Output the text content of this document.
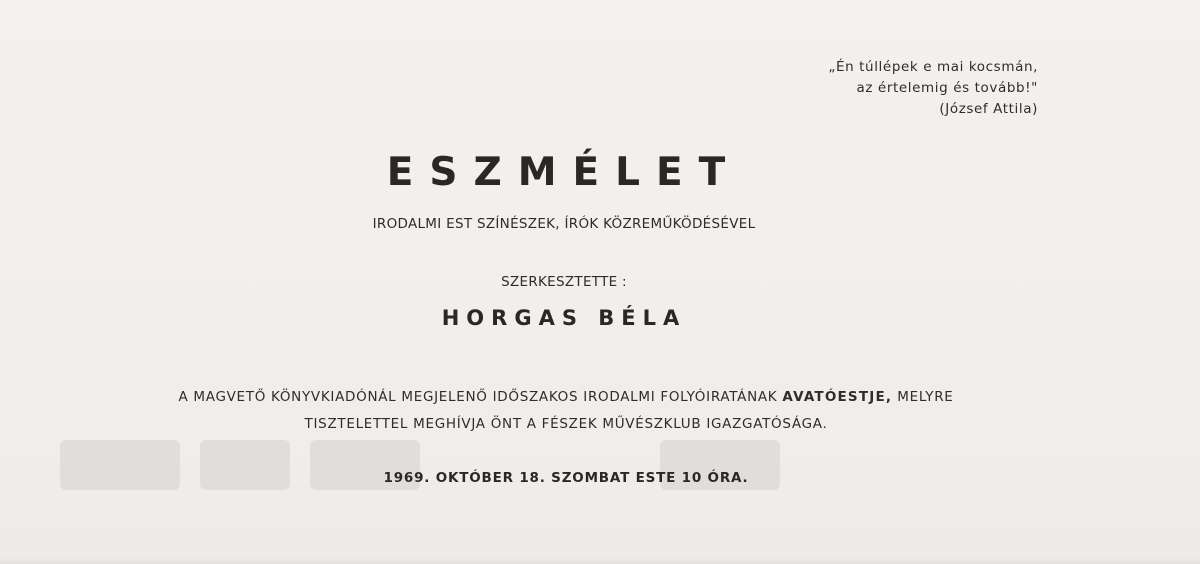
„Én túllépek e mai kocsmán,
az értelemig és tovább!"
(József Attila)
ESZMÉLET
IRODALMI EST SZÍNÉSZEK, ÍRÓK KÖZREMŰKÖDÉSÉVEL
SZERKESZTETTE :
HORGAS BÉLA
A MAGVETŐ KÖNYVKIADÓNÁL MEGJELENŐ IDŐSZAKOS IRODALMI FOLYÓIRATÁNAK AVATÓESTJE, MELYRE
TISZTELETTEL MEGHÍVJA ÖNT A FÉSZEK MŰVÉSZKLUB IGAZGATÓSÁGA.
1969. OKTÓBER 18. SZOMBAT ESTE 10 ÓRA.
